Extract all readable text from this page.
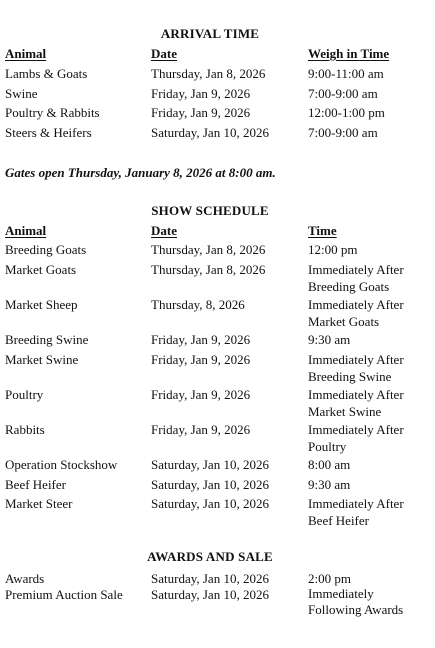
ARRIVAL TIME
Animal	Date	Weigh in Time
Lambs & Goats	Thursday, Jan 8, 2026	9:00-11:00 am
Swine	Friday, Jan 9, 2026	7:00-9:00 am
Poultry & Rabbits	Friday, Jan 9, 2026	12:00-1:00 pm
Steers & Heifers	Saturday, Jan 10, 2026	7:00-9:00 am
Gates open Thursday, January 8, 2026 at 8:00 am.
SHOW SCHEDULE
Animal	Date	Time
Breeding Goats	Thursday, Jan 8, 2026	12:00 pm
Market Goats	Thursday, Jan 8, 2026	Immediately After Breeding Goats
Market Sheep	Thursday, 8, 2026	Immediately After Market Goats
Breeding Swine	Friday, Jan 9, 2026	9:30 am
Market Swine	Friday, Jan 9, 2026	Immediately After Breeding Swine
Poultry	Friday, Jan 9, 2026	Immediately After Market Swine
Rabbits	Friday, Jan 9, 2026	Immediately After Poultry
Operation Stockshow	Saturday, Jan 10, 2026	8:00 am
Beef Heifer	Saturday, Jan 10, 2026	9:30 am
Market Steer	Saturday, Jan 10, 2026	Immediately After Beef Heifer
AWARDS AND SALE
Awards	Saturday, Jan 10, 2026	2:00 pm
Premium Auction Sale Saturday, Jan 10, 2026	Immediately Following Awards
